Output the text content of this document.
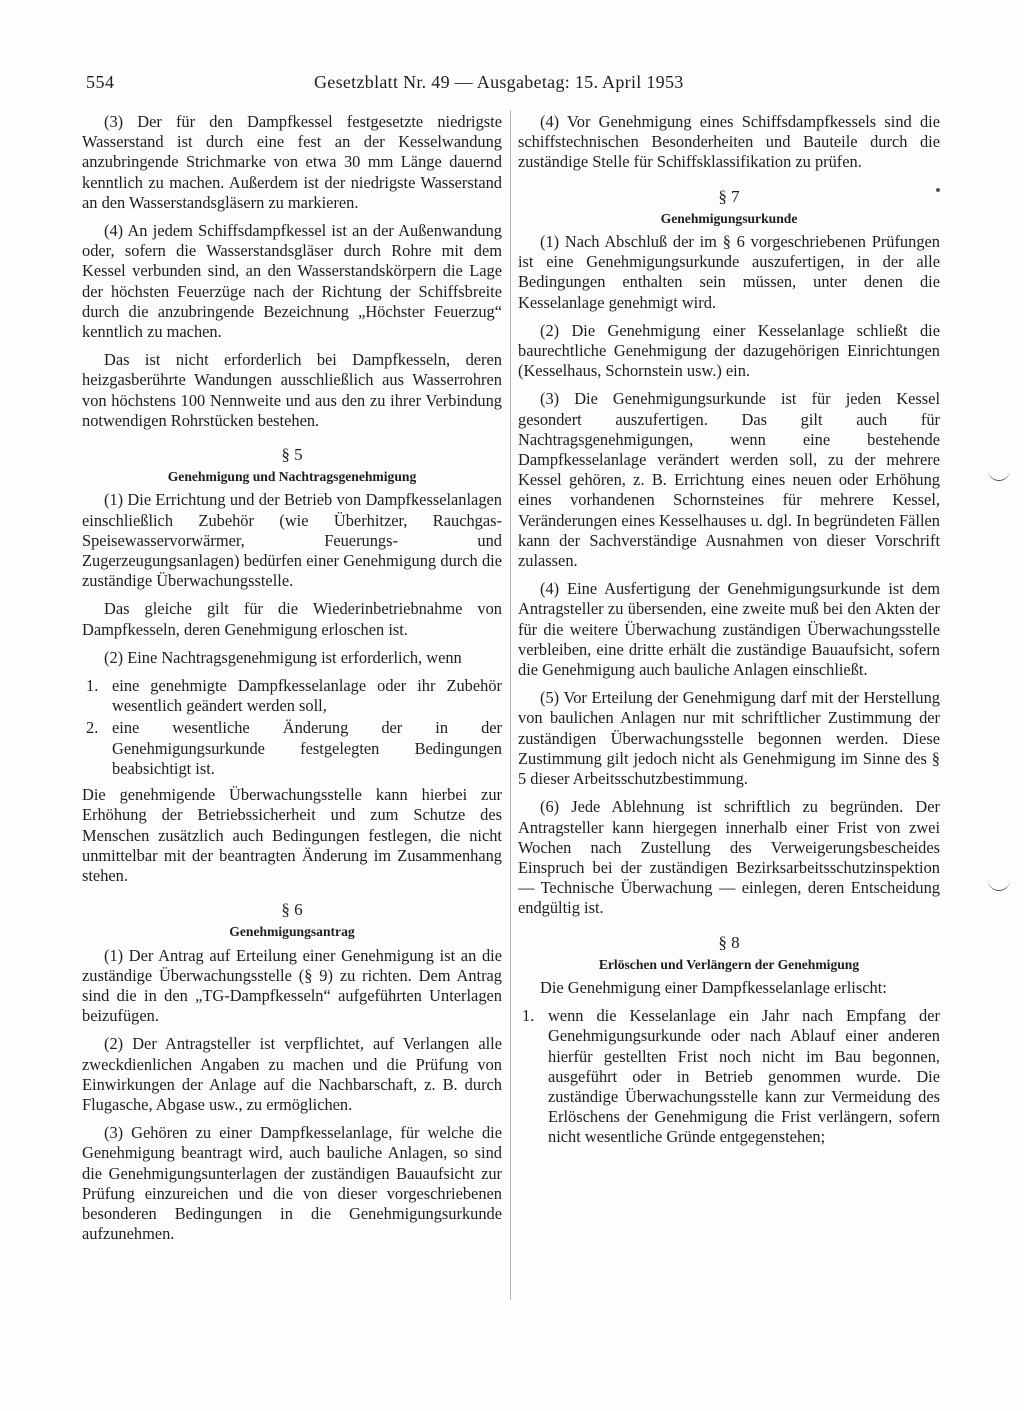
554	Gesetzblatt Nr. 49 — Ausgabetag: 15. April 1953

(3) Der für den Dampfkessel festgesetzte niedrigste Wasserstand ist durch eine fest an der Kesselwandung anzubringende Strichmarke von etwa 30 mm Länge dauernd kenntlich zu machen. Außerdem ist der niedrigste Wasserstand an den Wasserstandsgläsern zu markieren.

(4) An jedem Schiffsdampfkessel ist an der Außenwandung oder, sofern die Wasserstandsgläser durch Rohre mit dem Kessel verbunden sind, an den Wasserstandskörpern die Lage der höchsten Feuerzüge nach der Richtung der Schiffsbreite durch die anzubringende Bezeichnung „Höchster Feuerzug“ kenntlich zu machen.

Das ist nicht erforderlich bei Dampfkesseln, deren heizgasberührte Wandungen ausschließlich aus Wasserrohren von höchstens 100 Nennweite und aus den zu ihrer Verbindung notwendigen Rohrstücken bestehen.

§ 5
Genehmigung und Nachtragsgenehmigung

(1) Die Errichtung und der Betrieb von Dampfkesselanlagen einschließlich Zubehör (wie Überhitzer, Rauchgas-Speisewasservorwärmer, Feuerungs- und Zugerzeugungsanlagen) bedürfen einer Genehmigung durch die zuständige Überwachungsstelle.

Das gleiche gilt für die Wiederinbetriebnahme von Dampfkesseln, deren Genehmigung erloschen ist.

(2) Eine Nachtragsgenehmigung ist erforderlich, wenn

1. eine genehmigte Dampfkesselanlage oder ihr Zubehör wesentlich geändert werden soll,
2. eine wesentliche Änderung der in der Genehmigungsurkunde festgelegten Bedingungen beabsichtigt ist.

Die genehmigende Überwachungsstelle kann hierbei zur Erhöhung der Betriebssicherheit und zum Schutze des Menschen zusätzlich auch Bedingungen festlegen, die nicht unmittelbar mit der beantragten Änderung im Zusammenhang stehen.

§ 6
Genehmigungsantrag

(1) Der Antrag auf Erteilung einer Genehmigung ist an die zuständige Überwachungsstelle (§ 9) zu richten. Dem Antrag sind die in den „TG-Dampfkesseln“ aufgeführten Unterlagen beizufügen.

(2) Der Antragsteller ist verpflichtet, auf Verlangen alle zweckdienlichen Angaben zu machen und die Prüfung von Einwirkungen der Anlage auf die Nachbarschaft, z. B. durch Flugasche, Abgase usw., zu ermöglichen.

(3) Gehören zu einer Dampfkesselanlage, für welche die Genehmigung beantragt wird, auch bauliche Anlagen, so sind die Genehmigungsunterlagen der zuständigen Bauaufsicht zur Prüfung einzureichen und die von dieser vorgeschriebenen besonderen Bedingungen in die Genehmigungsurkunde aufzunehmen.

(4) Vor Genehmigung eines Schiffsdampfkessels sind die schiffstechnischen Besonderheiten und Bauteile durch die zuständige Stelle für Schiffsklassifikation zu prüfen.

§ 7
Genehmigungsurkunde

(1) Nach Abschluß der im § 6 vorgeschriebenen Prüfungen ist eine Genehmigungsurkunde auszufertigen, in der alle Bedingungen enthalten sein müssen, unter denen die Kesselanlage genehmigt wird.

(2) Die Genehmigung einer Kesselanlage schließt die baurechtliche Genehmigung der dazugehörigen Einrichtungen (Kesselhaus, Schornstein usw.) ein.

(3) Die Genehmigungsurkunde ist für jeden Kessel gesondert auszufertigen. Das gilt auch für Nachtragsgenehmigungen, wenn eine bestehende Dampfkesselanlage verändert werden soll, zu der mehrere Kessel gehören, z. B. Errichtung eines neuen oder Erhöhung eines vorhandenen Schornsteines für mehrere Kessel, Veränderungen eines Kesselhauses u. dgl. In begründeten Fällen kann der Sachverständige Ausnahmen von dieser Vorschrift zulassen.

(4) Eine Ausfertigung der Genehmigungsurkunde ist dem Antragsteller zu übersenden, eine zweite muß bei den Akten der für die weitere Überwachung zuständigen Überwachungsstelle verbleiben, eine dritte erhält die zuständige Bauaufsicht, sofern die Genehmigung auch bauliche Anlagen einschließt.

(5) Vor Erteilung der Genehmigung darf mit der Herstellung von baulichen Anlagen nur mit schriftlicher Zustimmung der zuständigen Überwachungsstelle begonnen werden. Diese Zustimmung gilt jedoch nicht als Genehmigung im Sinne des § 5 dieser Arbeitsschutzbestimmung.

(6) Jede Ablehnung ist schriftlich zu begründen. Der Antragsteller kann hiergegen innerhalb einer Frist von zwei Wochen nach Zustellung des Verweigerungsbescheides Einspruch bei der zuständigen Bezirksarbeitsschutzinspektion — Technische Überwachung — einlegen, deren Entscheidung endgültig ist.

§ 8
Erlöschen und Verlängern der Genehmigung

Die Genehmigung einer Dampfkesselanlage erlischt:

1. wenn die Kesselanlage ein Jahr nach Empfang der Genehmigungsurkunde oder nach Ablauf einer anderen hierfür gestellten Frist noch nicht im Bau begonnen, ausgeführt oder in Betrieb genommen wurde. Die zuständige Überwachungsstelle kann zur Vermeidung des Erlöschens der Genehmigung die Frist verlängern, sofern nicht wesentliche Gründe entgegenstehen;
